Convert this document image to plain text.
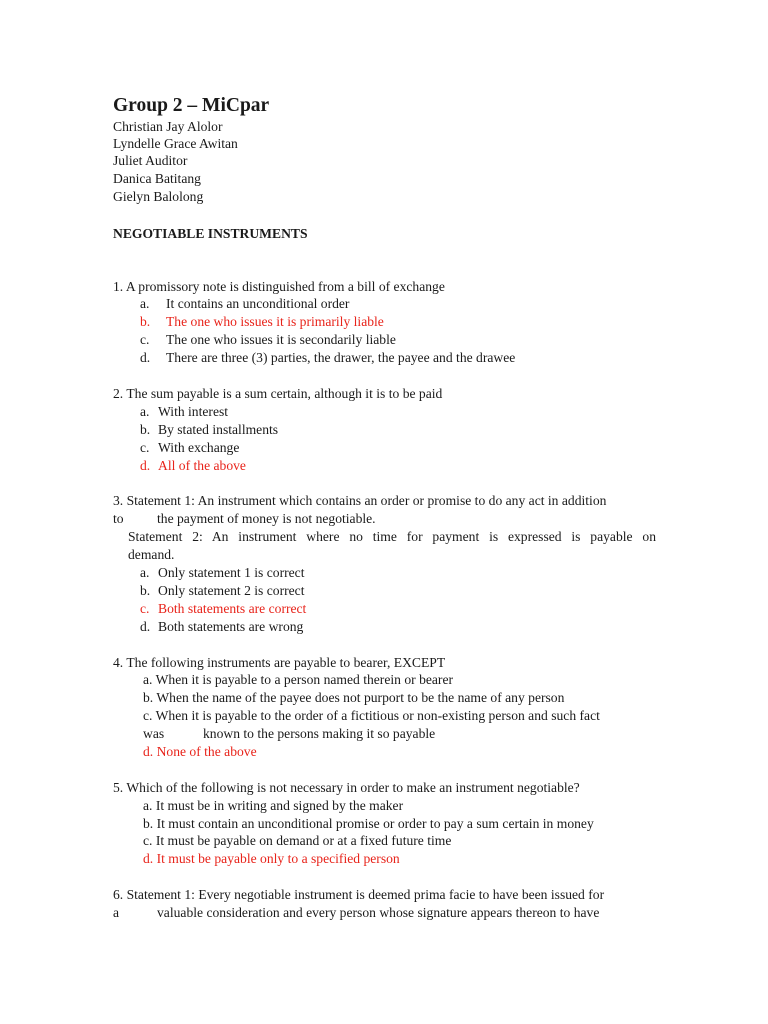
Group 2 – MiCpar
Christian Jay Alolor
Lyndelle Grace Awitan
Juliet Auditor
Danica Batitang
Gielyn Balolong
NEGOTIABLE INSTRUMENTS
1. A promissory note is distinguished from a bill of exchange
a. It contains an unconditional order
b. The one who issues it is primarily liable
c. The one who issues it is secondarily liable
d. There are three (3) parties, the drawer, the payee and the drawee
2. The sum payable is a sum certain, although it is to be paid
a. With interest
b. By stated installments
c. With exchange
d. All of the above
3. Statement 1: An instrument which contains an order or promise to do any act in addition
to the payment of money is not negotiable.
Statement 2: An instrument where no time for payment is expressed is payable on
demand.
a. Only statement 1 is correct
b. Only statement 2 is correct
c. Both statements are correct
d. Both statements are wrong
4. The following instruments are payable to bearer, EXCEPT
a. When it is payable to a person named therein or bearer
b. When the name of the payee does not purport to be the name of any person
c. When it is payable to the order of a fictitious or non-existing person and such fact
was	known to the persons making it so payable
d. None of the above
5. Which of the following is not necessary in order to make an instrument negotiable?
a. It must be in writing and signed by the maker
b. It must contain an unconditional promise or order to pay a sum certain in money
c. It must be payable on demand or at a fixed future time
d. It must be payable only to a specified person
6. Statement 1: Every negotiable instrument is deemed prima facie to have been issued for
a	valuable consideration and every person whose signature appears thereon to have
